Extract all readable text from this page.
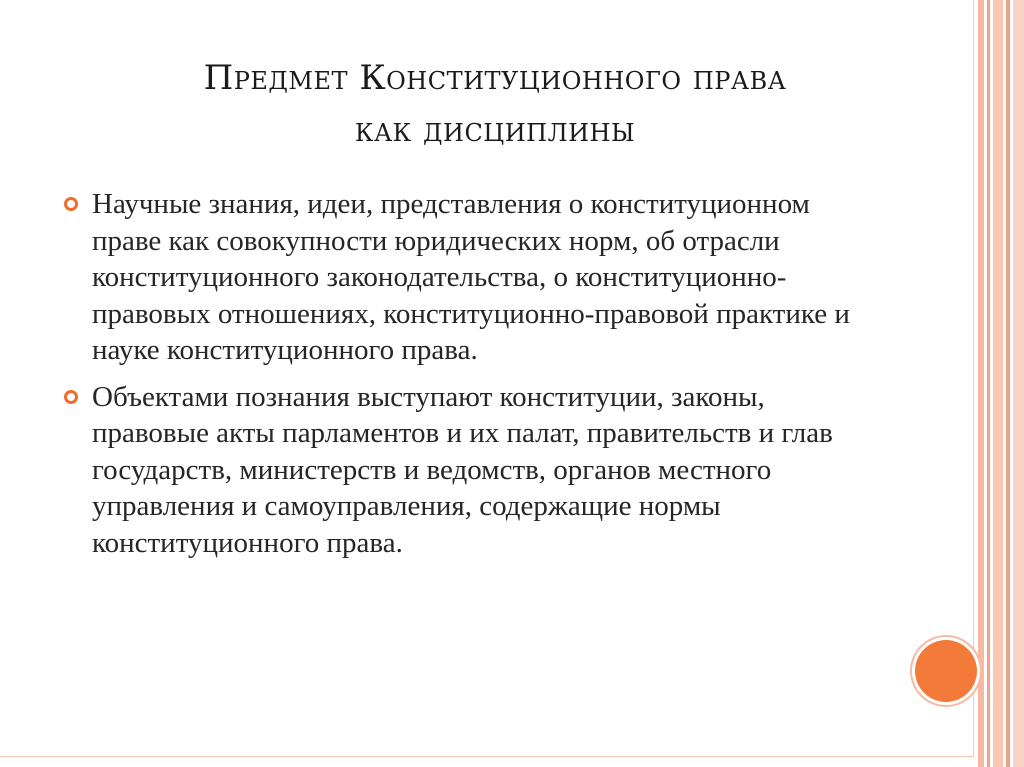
Предмет Конституционного права
как дисциплины
Научные знания, идеи, представления о конституционном праве как совокупности юридических норм, об отрасли конституционного законодательства, о конституционно-правовых отношениях, конституционно-правовой практике и науке конституционного права.
Объектами познания выступают конституции, законы, правовые акты парламентов и их палат, правительств и глав государств, министерств и ведомств, органов местного управления и самоуправления, содержащие нормы конституционного права.
